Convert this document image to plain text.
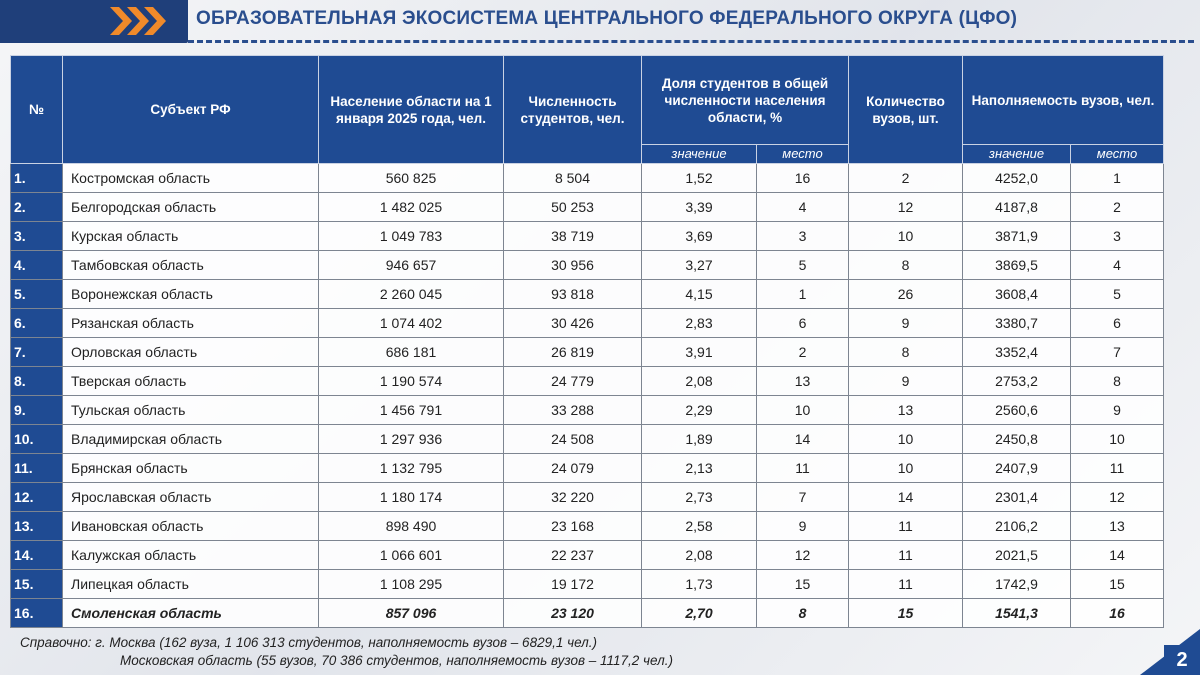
ОБРАЗОВАТЕЛЬНАЯ ЭКОСИСТЕМА ЦЕНТРАЛЬНОГО ФЕДЕРАЛЬНОГО ОКРУГА (ЦФО)
№	Субъект РФ	Население области на 1 января 2025 года, чел.	Численность студентов, чел.	Доля студентов в общей численности населения области, %		Количество вузов, шт.	Наполняемость вузов, чел.	
				значение	место		значение	место
1.	Костромская область	560 825	8 504	1,52	16	2	4252,0	1
2.	Белгородская область	1 482 025	50 253	3,39	4	12	4187,8	2
3.	Курская область	1 049 783	38 719	3,69	3	10	3871,9	3
4.	Тамбовская область	946 657	30 956	3,27	5	8	3869,5	4
5.	Воронежская область	2 260 045	93 818	4,15	1	26	3608,4	5
6.	Рязанская область	1 074 402	30 426	2,83	6	9	3380,7	6
7.	Орловская область	686 181	26 819	3,91	2	8	3352,4	7
8.	Тверская область	1 190 574	24 779	2,08	13	9	2753,2	8
9.	Тульская область	1 456 791	33 288	2,29	10	13	2560,6	9
10.	Владимирская область	1 297 936	24 508	1,89	14	10	2450,8	10
11.	Брянская область	1 132 795	24 079	2,13	11	10	2407,9	11
12.	Ярославская область	1 180 174	32 220	2,73	7	14	2301,4	12
13.	Ивановская область	898 490	23 168	2,58	9	11	2106,2	13
14.	Калужская область	1 066 601	22 237	2,08	12	11	2021,5	14
15.	Липецкая область	1 108 295	19 172	1,73	15	11	1742,9	15
16.	Смоленская область	857 096	23 120	2,70	8	15	1541,3	16
Справочно: г. Москва (162 вуза, 1 106 313 студентов, наполняемость вузов – 6829,1 чел.)
Московская область (55 вузов, 70 386 студентов, наполняемость вузов – 1117,2 чел.)	2
